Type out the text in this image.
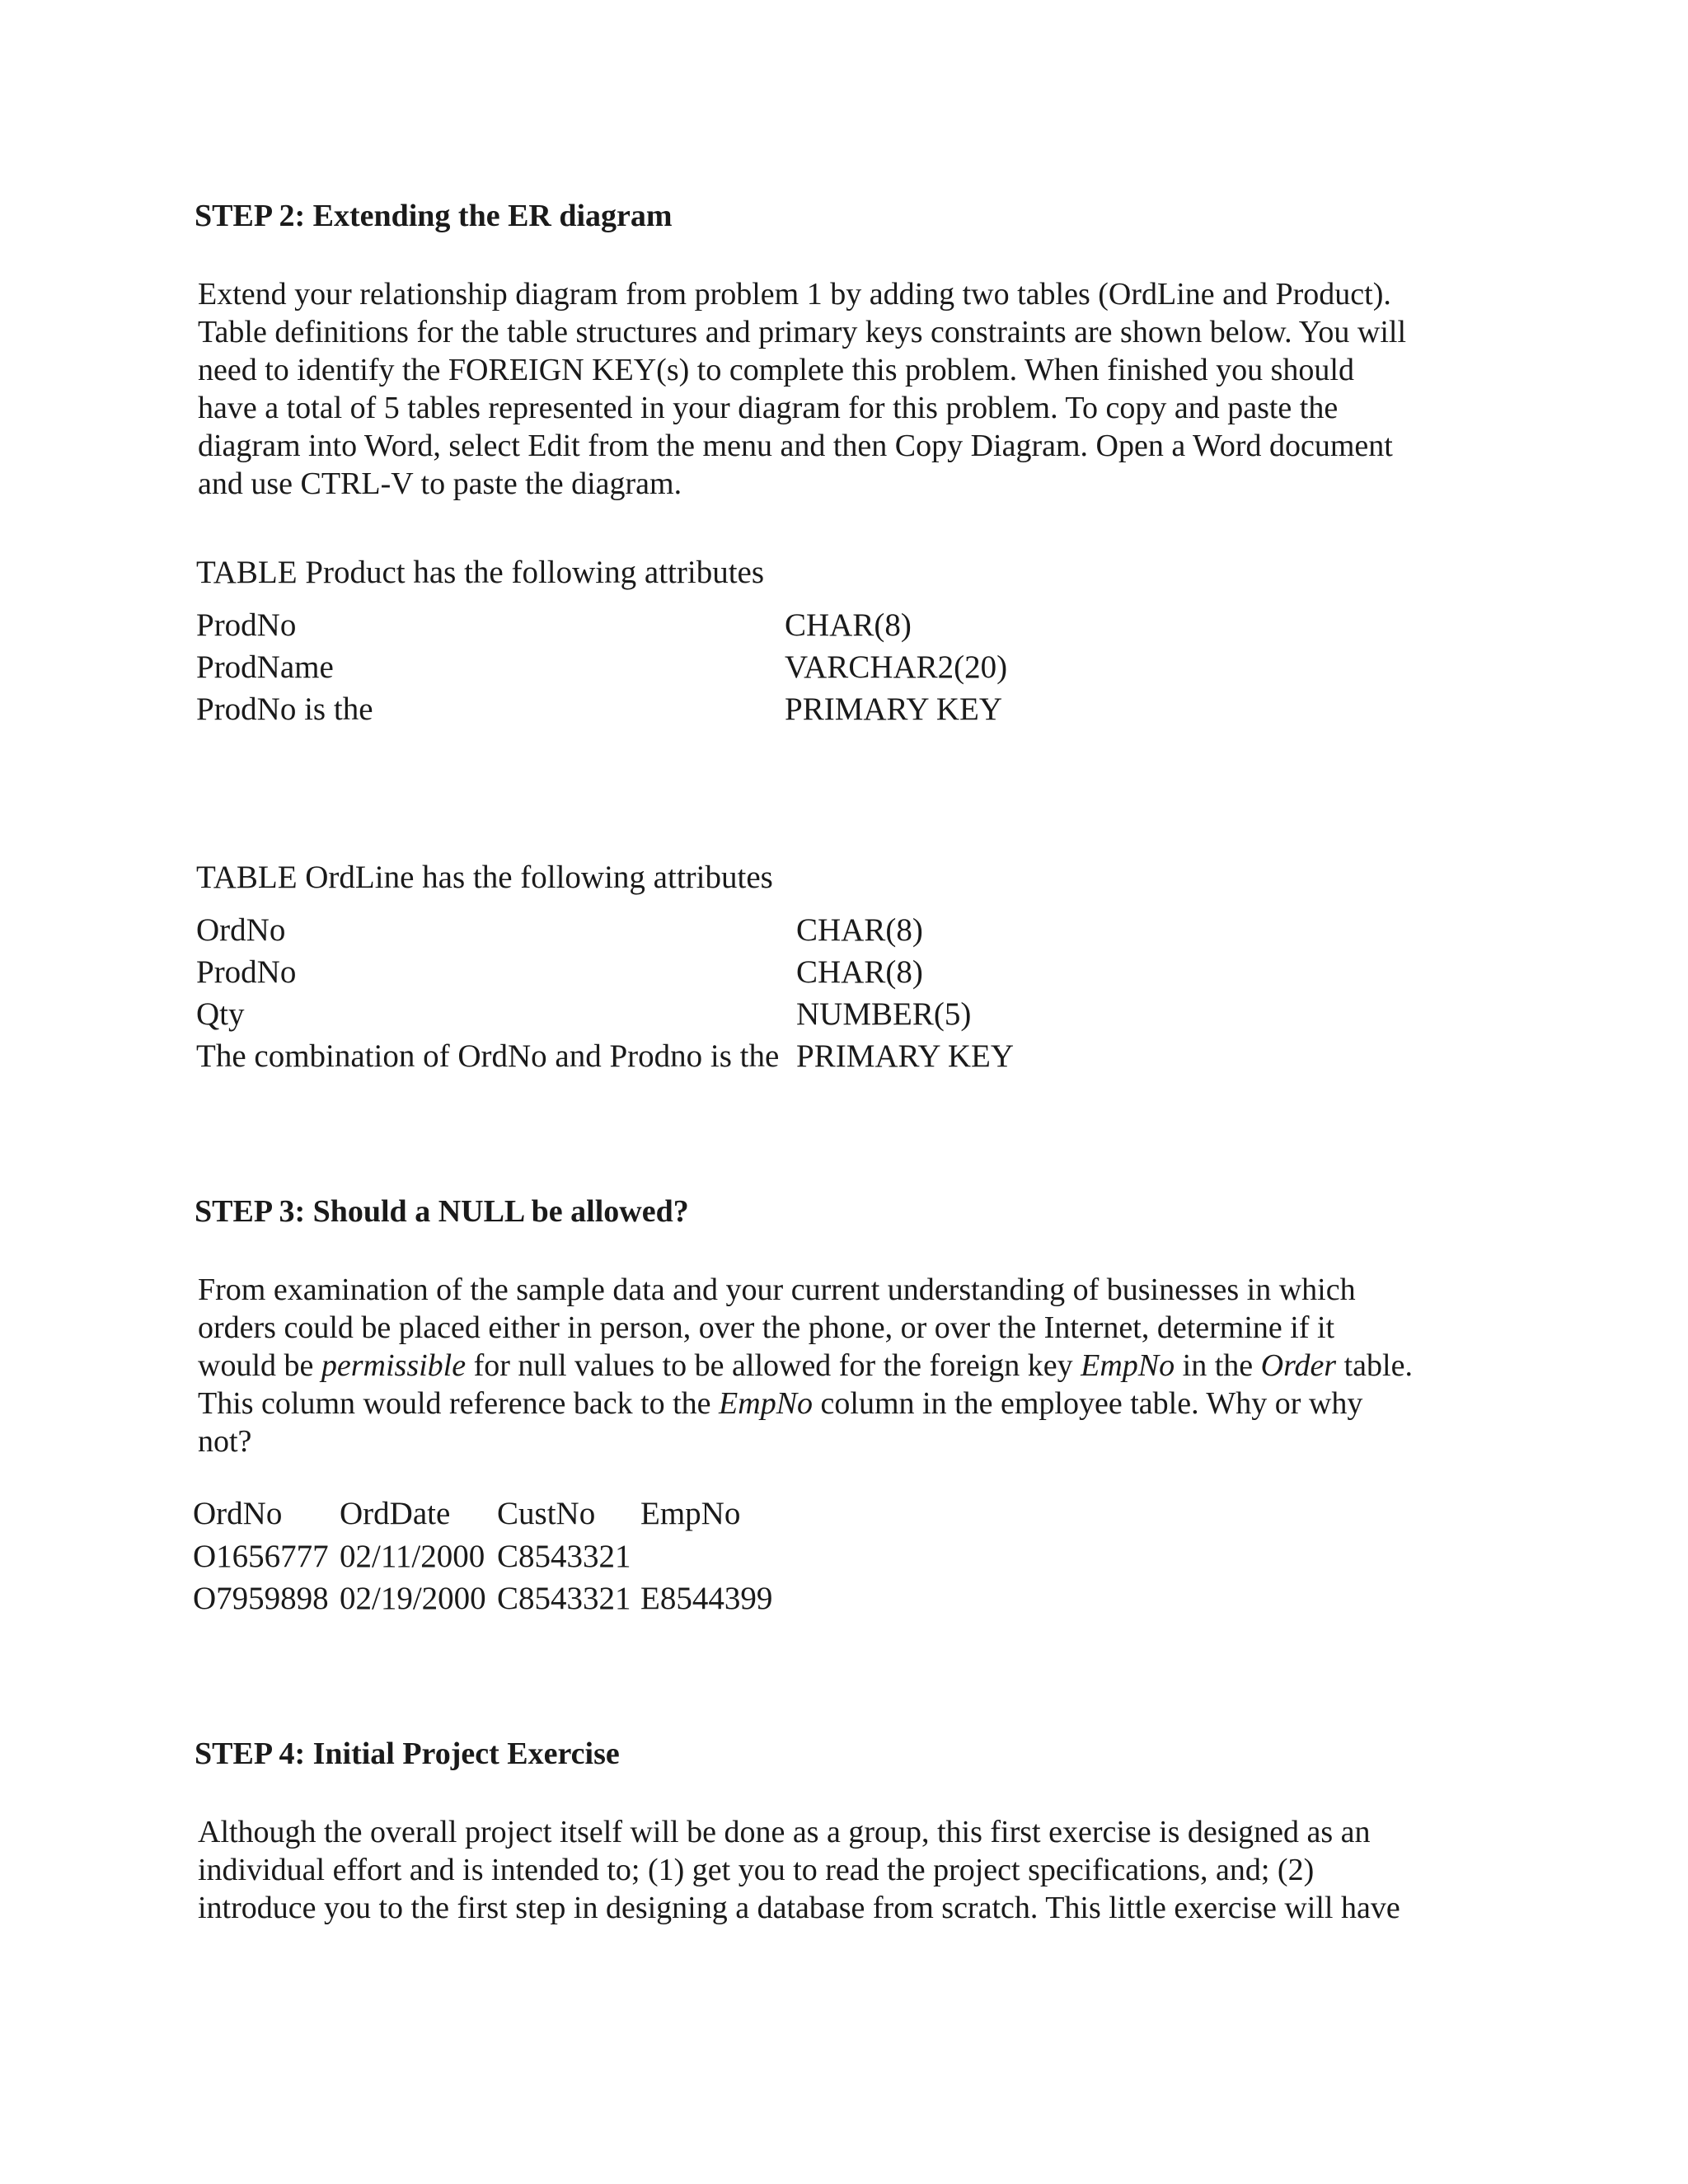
STEP 2: Extending the ER diagram
Extend your relationship diagram from problem 1 by adding two tables (OrdLine and Product).
Table definitions for the table structures and primary keys constraints are shown below. You will
need to identify the FOREIGN KEY(s) to complete this problem. When finished you should
have a total of 5 tables represented in your diagram for this problem. To copy and paste the
diagram into Word, select Edit from the menu and then Copy Diagram. Open a Word document
and use CTRL-V to paste the diagram.
TABLE Product has the following attributes
ProdNo	CHAR(8)
ProdName	VARCHAR2(20)
ProdNo is the	PRIMARY KEY
TABLE OrdLine has the following attributes
OrdNo	CHAR(8)
ProdNo	CHAR(8)
Qty	NUMBER(5)
The combination of OrdNo and Prodno is the PRIMARY KEY
STEP 3: Should a NULL be allowed?
From examination of the sample data and your current understanding of businesses in which
orders could be placed either in person, over the phone, or over the Internet, determine if it
would be permissible for null values to be allowed for the foreign key EmpNo in the Order table.
This column would reference back to the EmpNo column in the employee table. Why or why
not?
OrdNo OrdDate CustNo EmpNo
O1656777 02/11/2000 C8543321
O7959898 02/19/2000 C8543321 E8544399
STEP 4: Initial Project Exercise
Although the overall project itself will be done as a group, this first exercise is designed as an
individual effort and is intended to; (1) get you to read the project specifications, and; (2)
introduce you to the first step in designing a database from scratch. This little exercise will have
